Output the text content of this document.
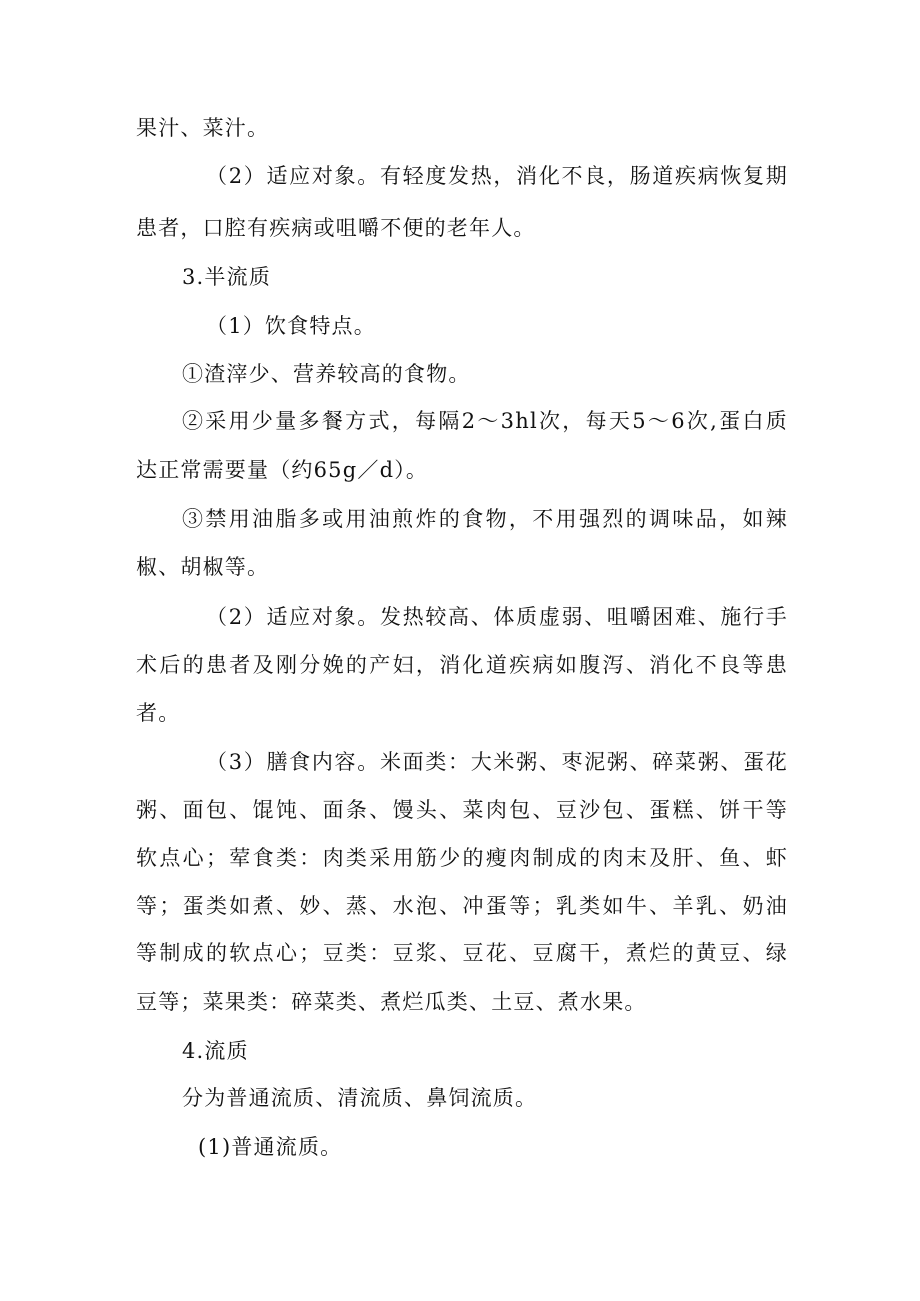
果汁、菜汁。

（2）适应对象。有轻度发热，消化不良，肠道疾病恢复期

患者，口腔有疾病或咀嚼不便的老年人。

3.半流质

（1）饮食特点。

①渣滓少、营养较高的食物。

②采用少量多餐方式，每隔2～3hl次，每天5～6次,蛋白质

达正常需要量（约65g／d）。

③禁用油脂多或用油煎炸的食物，不用强烈的调味品，如辣

椒、胡椒等。

（2）适应对象。发热较高、体质虚弱、咀嚼困难、施行手

术后的患者及刚分娩的产妇，消化道疾病如腹泻、消化不良等患

者。

（3）膳食内容。米面类：大米粥、枣泥粥、碎菜粥、蛋花

粥、面包、馄饨、面条、馒头、菜肉包、豆沙包、蛋糕、饼干等

软点心；荤食类：肉类采用筋少的瘦肉制成的肉末及肝、鱼、虾

等；蛋类如煮、妙、蒸、水泡、冲蛋等；乳类如牛、羊乳、奶油

等制成的软点心；豆类：豆浆、豆花、豆腐干，煮烂的黄豆、绿

豆等；菜果类：碎菜类、煮烂瓜类、土豆、煮水果。

4.流质

分为普通流质、清流质、鼻饲流质。

(1)普通流质。
